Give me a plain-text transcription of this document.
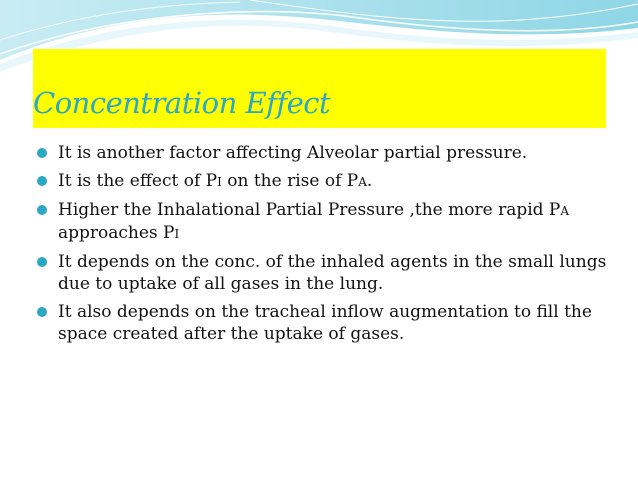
Concentration Effect
It is another factor affecting Alveolar partial pressure.
It is the effect of PI on the rise of PA.
Higher the Inhalational Partial Pressure ,the more rapid PA approaches PI
It depends on the conc. of the inhaled agents in the small lungs due to uptake of all gases in the lung.
It also depends on the tracheal inflow augmentation to fill the space created after the uptake of gases.
